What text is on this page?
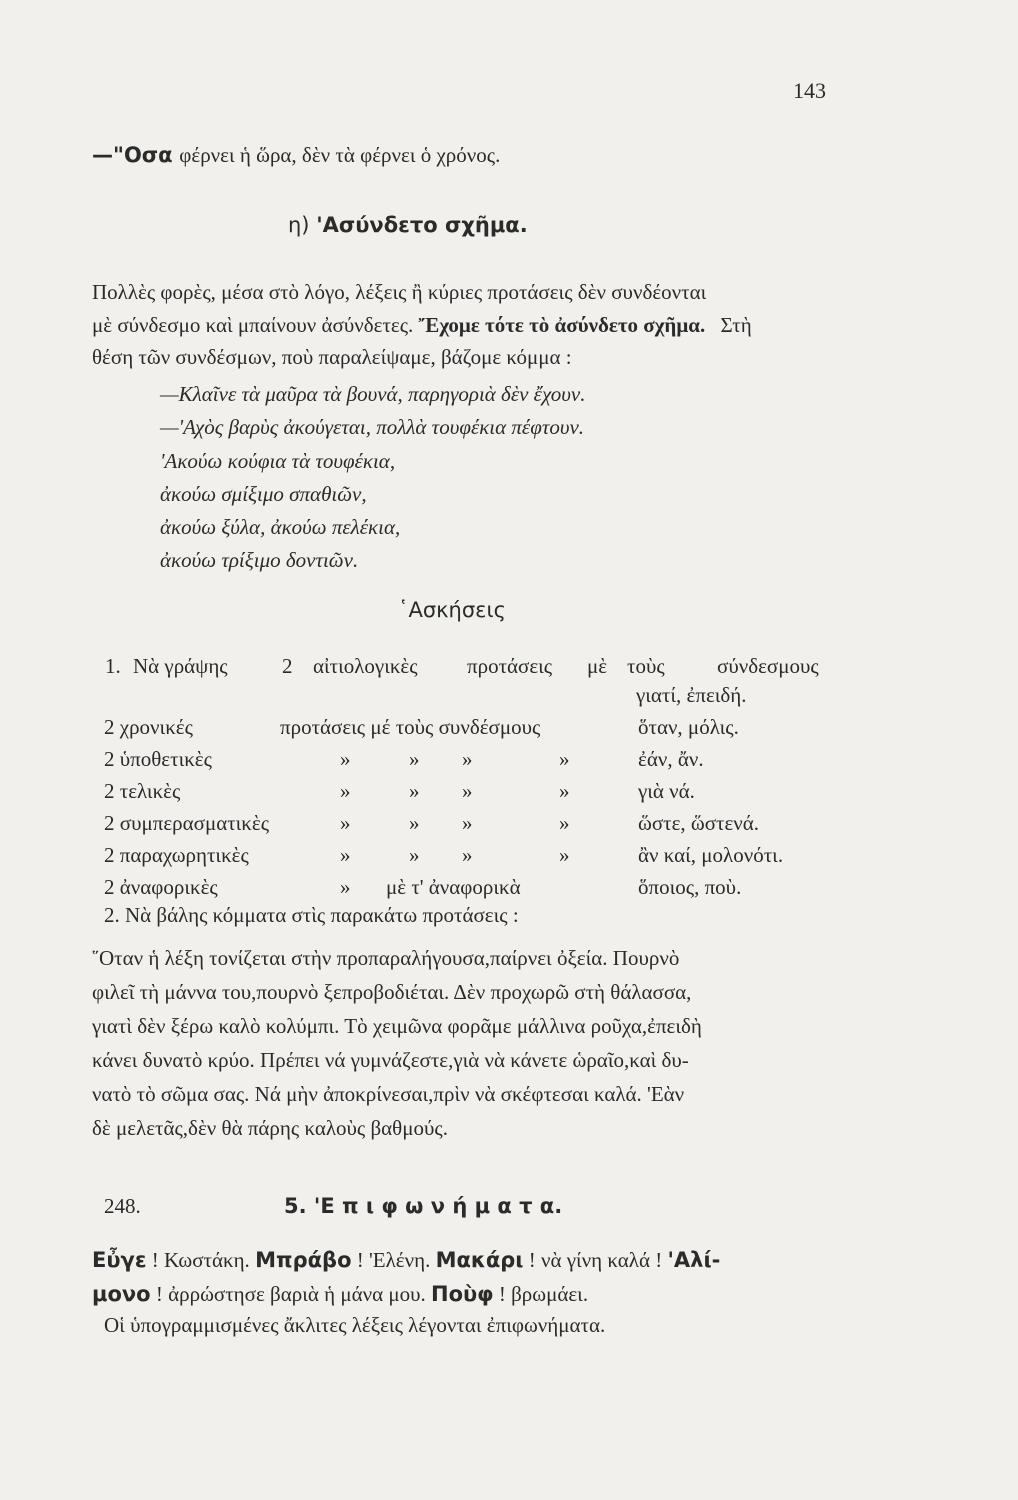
143
—"Οσα φέρνει ἡ ὥρα, δὲν τὰ φέρνει ὁ χρόνος.
η) 'Ασύνδετο σχῆμα.
Πολλὲς φορὲς, μέσα στὸ λόγο, λέξεις ἢ κύριες προτάσεις δὲν συνδέονται
μὲ σύνδεσμο καὶ μπαίνουν ἀσύνδετες. Ἔχομε τότε τὸ ἀσύνδετο σχῆμα. Στὴ
θέση τῶν συνδέσμων, ποὺ παραλείψαμε, βάζομε κόμμα :
—Κλαῖνε τὰ μαῦρα τὰ βουνά, παρηγοριὰ δὲν ἔχουν.
—'Αχὸς βαρὺς ἀκούγεται, πολλὰ τουφέκια πέφτουν.
'Ακούω κούφια τὰ τουφέκια,
ἀκούω σμίξιμο σπαθιῶν,
ἀκούω ξύλα, ἀκούω πελέκια,
ἀκούω τρίξιμο δοντιῶν.
῾Ασκήσεις
1. Νὰ γράψης	2 αἰτιολογικὲς προτάσεις μὲ τοὺς σύνδεσμους
γιατί, ἐπειδή.
2 χρονικές	προτάσεις μέ τοὺς συνδέσμους	ὅταν, μόλις.
2 ὑποθετικὲς	»	» »	»	ἐάν, ἄν.
2 τελικὲς	»	» »	»	γιὰ νά.
2 συμπερασματικὲς	»	» »	»	ὥστε, ὥστενά.
2 παραχωρητικὲς	»	» »	»	ἂν καί, μολονότι.
2 ἀναφορικὲς	» μὲ τ' ἀναφορικὰ	ὅποιος, ποὺ.
2. Νὰ βάλης κόμματα στὶς παρακάτω προτάσεις :
῞Οταν ἡ λέξη τονίζεται στὴν προπαραλήγουσα,παίρνει ὀξεία. Πουρνὸ
φιλεῖ τὴ μάννα του,πουρνὸ ξεπροβοδιέται. Δὲν προχωρῶ στὴ θάλασσα,
γιατὶ δὲν ξέρω καλὸ κολύμπι. Τὸ χειμῶνα φορᾶμε μάλλινα ροῦχα,ἐπειδὴ
κάνει δυνατὸ κρύο. Πρέπει νά γυμνάζεστε,γιὰ νὰ κάνετε ὡραῖο,καὶ δυ-
νατὸ τὸ σῶμα σας. Νά μὴν ἀποκρίνεσαι,πρὶν νὰ σκέφτεσαι καλά. 'Εὰν
δὲ μελετᾶς,δὲν θὰ πάρης καλοὺς βαθμούς.
248.	5. 'Ε π ι φ ω ν ή μ α τ α.
Εὖγε ! Κωστάκη. Μπράβο ! 'Ελένη. Μακάρι ! νὰ γίνη καλά ! 'Αλί-
μονο ! ἀρρώστησε βαριὰ ἡ μάνα μου. Ποὺφ ! βρωμάει.
Οἱ ὑπογραμμισμένες ἄκλιτες λέξεις λέγονται ἐπιφωνήματα.
